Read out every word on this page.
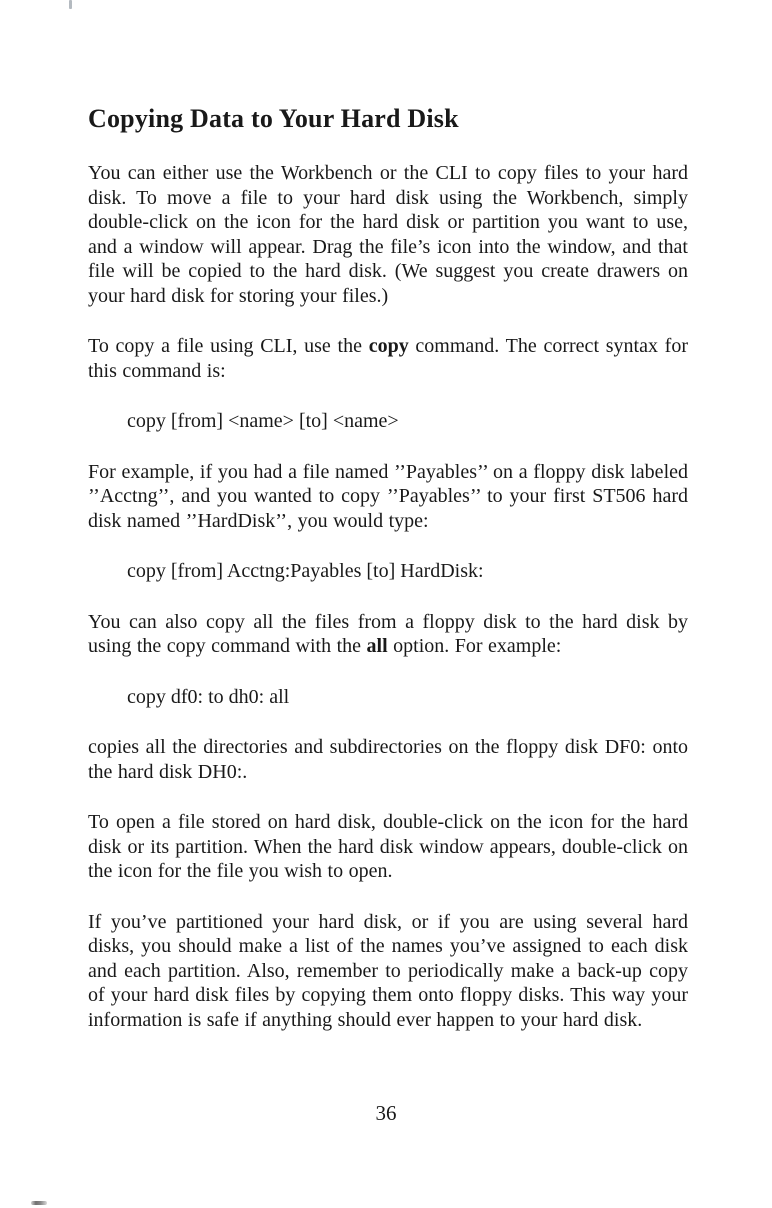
Copying Data to Your Hard Disk

You can either use the Workbench or the CLI to copy files to your hard disk. To move a file to your hard disk using the Workbench, simply double-click on the icon for the hard disk or partition you want to use, and a window will appear. Drag the file’s icon into the window, and that file will be copied to the hard disk. (We suggest you create drawers on your hard disk for storing your files.)

To copy a file using CLI, use the copy command. The correct syntax for this command is:

copy [from] <name> [to] <name>

For example, if you had a file named ’’Payables’’ on a floppy disk labeled ’’Acctng’’, and you wanted to copy ’’Payables’’ to your first ST506 hard disk named ’’HardDisk’’, you would type:

copy [from] Acctng:Payables [to] HardDisk:

You can also copy all the files from a floppy disk to the hard disk by using the copy command with the all option. For example:

copy df0: to dh0: all

copies all the directories and subdirectories on the floppy disk DF0: onto the hard disk DH0:.

To open a file stored on hard disk, double-click on the icon for the hard disk or its partition. When the hard disk window appears, double-click on the icon for the file you wish to open.

If you’ve partitioned your hard disk, or if you are using several hard disks, you should make a list of the names you’ve assigned to each disk and each partition. Also, remember to periodically make a back-up copy of your hard disk files by copying them onto floppy disks. This way your information is safe if anything should ever happen to your hard disk.

36
